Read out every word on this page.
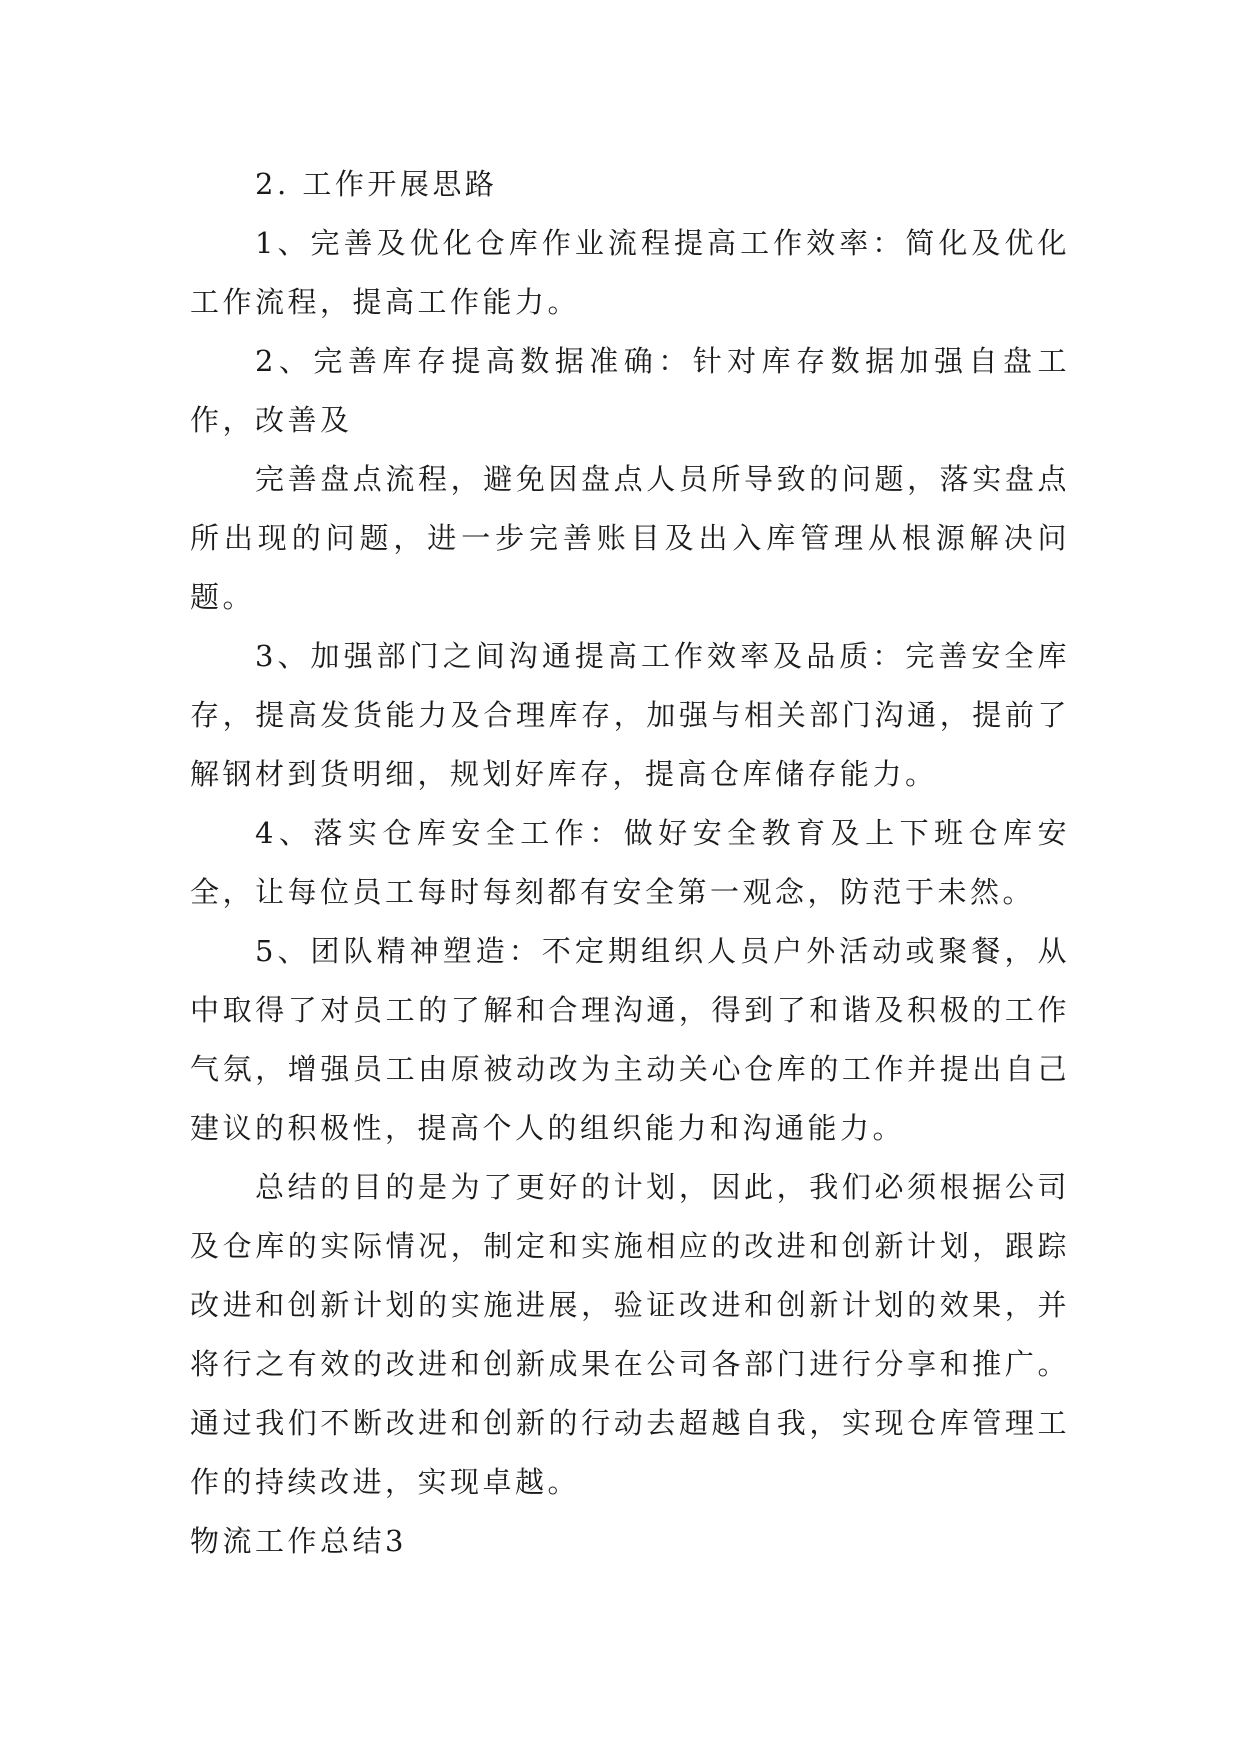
2. 工作开展思路

1、完善及优化仓库作业流程提高工作效率：简化及优化工作流程，提高工作能力。

2、完善库存提高数据准确：针对库存数据加强自盘工作，改善及

完善盘点流程，避免因盘点人员所导致的问题，落实盘点所出现的问题，进一步完善账目及出入库管理从根源解决问题。

3、加强部门之间沟通提高工作效率及品质：完善安全库存，提高发货能力及合理库存，加强与相关部门沟通，提前了解钢材到货明细，规划好库存，提高仓库储存能力。

4、落实仓库安全工作：做好安全教育及上下班仓库安全，让每位员工每时每刻都有安全第一观念，防范于未然。

5、团队精神塑造：不定期组织人员户外活动或聚餐，从中取得了对员工的了解和合理沟通，得到了和谐及积极的工作气氛，增强员工由原被动改为主动关心仓库的工作并提出自己建议的积极性，提高个人的组织能力和沟通能力。

总结的目的是为了更好的计划，因此，我们必须根据公司及仓库的实际情况，制定和实施相应的改进和创新计划，跟踪改进和创新计划的实施进展，验证改进和创新计划的效果，并将行之有效的改进和创新成果在公司各部门进行分享和推广。通过我们不断改进和创新的行动去超越自我，实现仓库管理工作的持续改进，实现卓越。

物流工作总结3
